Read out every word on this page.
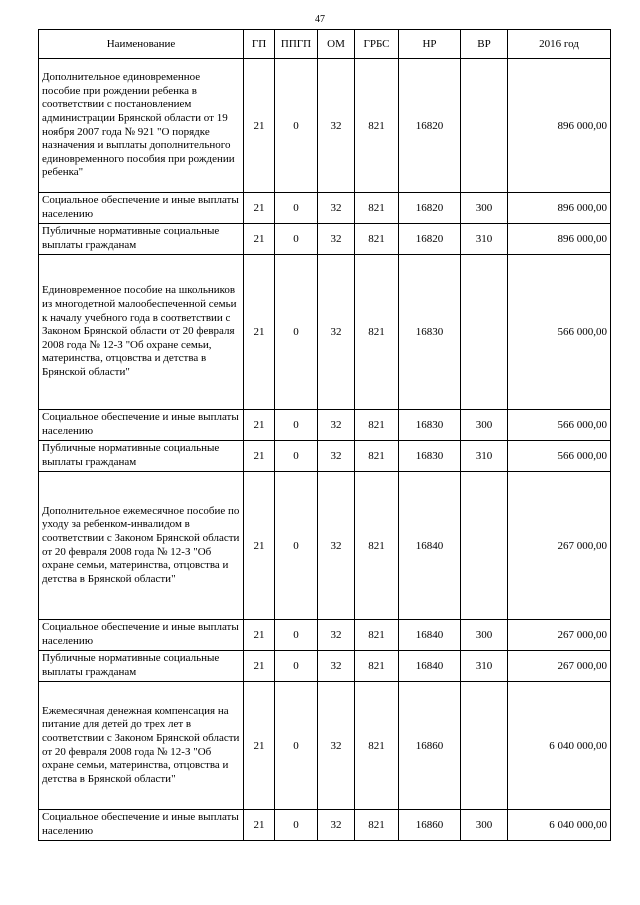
47
Наименование	ГП	ППГП	ОМ	ГРБС	НР	ВР	2016 год
Дополнительное единовременное пособие при рождении ребенка в соответствии с постановлением администрации Брянской области от 19 ноября 2007 года № 921 "О порядке назначения и выплаты дополнительного единовременного пособия при рождении ребенка"	21	0	32	821	16820		896 000,00
Социальное обеспечение и иные выплаты населению	21	0	32	821	16820	300	896 000,00
Публичные нормативные социальные выплаты гражданам	21	0	32	821	16820	310	896 000,00
Единовременное пособие на школьников из многодетной малообеспеченной семьи к началу учебного года в соответствии с Законом Брянской области от 20 февраля 2008 года № 12-З "Об охране семьи, материнства, отцовства и детства в Брянской области"	21	0	32	821	16830		566 000,00
Социальное обеспечение и иные выплаты населению	21	0	32	821	16830	300	566 000,00
Публичные нормативные социальные выплаты гражданам	21	0	32	821	16830	310	566 000,00
Дополнительное ежемесячное пособие по уходу за ребенком-инвалидом в соответствии с Законом Брянской области от 20 февраля 2008 года № 12-З "Об охране семьи, материнства, отцовства и детства в Брянской области"	21	0	32	821	16840		267 000,00
Социальное обеспечение и иные выплаты населению	21	0	32	821	16840	300	267 000,00
Публичные нормативные социальные выплаты гражданам	21	0	32	821	16840	310	267 000,00
Ежемесячная денежная компенсация на питание для детей до трех лет в соответствии с Законом Брянской области от 20 февраля 2008 года № 12-З "Об охране семьи, материнства, отцовства и детства в Брянской области"	21	0	32	821	16860		6 040 000,00
Социальное обеспечение и иные выплаты населению	21	0	32	821	16860	300	6 040 000,00
